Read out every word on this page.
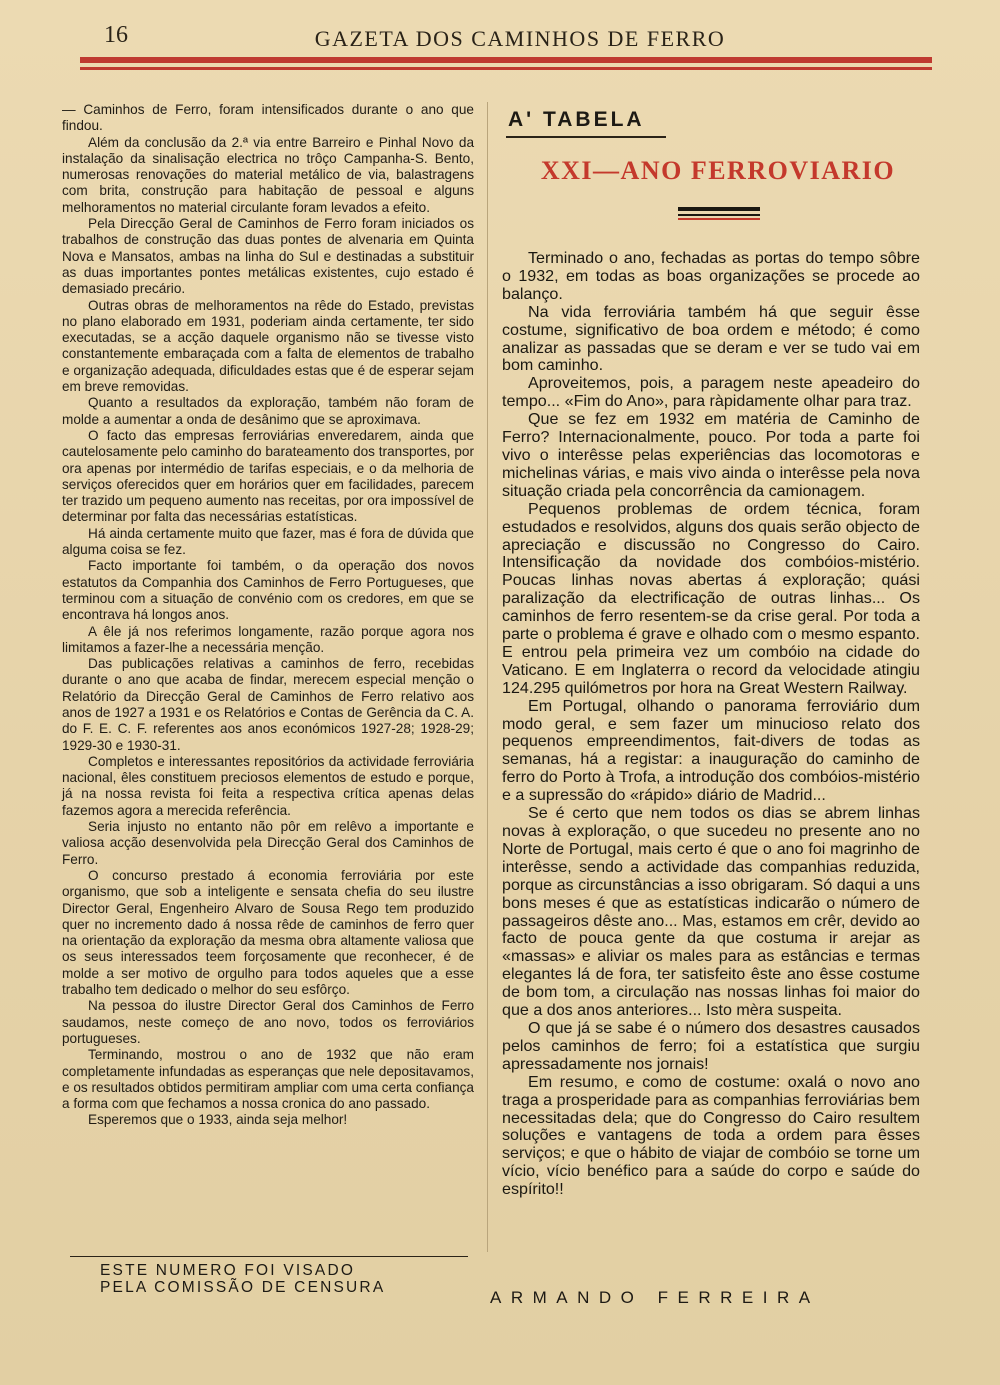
16	GAZETA DOS CAMINHOS DE FERRO

— Caminhos de Ferro, foram intensificados durante o ano que findou.

Além da conclusão da 2.ª via entre Barreiro e Pinhal Novo da instalação da sinalisação electrica no trôço Campanha-S. Bento, numerosas renovações do material metálico de via, balastragens com brita, construção para habitação de pessoal e alguns melhoramentos no material circulante foram levados a efeito.

Pela Direcção Geral de Caminhos de Ferro foram iniciados os trabalhos de construção das duas pontes de alvenaria em Quinta Nova e Mansatos, ambas na linha do Sul e destinadas a substituir as duas importantes pontes metálicas existentes, cujo estado é demasiado precário.

Outras obras de melhoramentos na rêde do Estado, previstas no plano elaborado em 1931, poderiam ainda certamente, ter sido executadas, se a acção daquele organismo não se tivesse visto constantemente embaraçada com a falta de elementos de trabalho e organização adequada, dificuldades estas que é de esperar sejam em breve removidas.

Quanto a resultados da exploração, também não foram de molde a aumentar a onda de desânimo que se aproximava.

O facto das empresas ferroviárias enveredarem, ainda que cautelosamente pelo caminho do barateamento dos transportes, por ora apenas por intermédio de tarifas especiais, e o da melhoria de serviços oferecidos quer em horários quer em facilidades, parecem ter trazido um pequeno aumento nas receitas, por ora impossível de determinar por falta das necessárias estatísticas.

Há ainda certamente muito que fazer, mas é fora de dúvida que alguma coisa se fez.

Facto importante foi também, o da operação dos novos estatutos da Companhia dos Caminhos de Ferro Portugueses, que terminou com a situação de convénio com os credores, em que se encontrava há longos anos.

A êle já nos referimos longamente, razão porque agora nos limitamos a fazer-lhe a necessária menção.

Das publicações relativas a caminhos de ferro, recebidas durante o ano que acaba de findar, merecem especial menção o Relatório da Direcção Geral de Caminhos de Ferro relativo aos anos de 1927 a 1931 e os Relatórios e Contas de Gerência da C. A. do F. E. C. F. referentes aos anos económicos 1927-28; 1928-29; 1929-30 e 1930-31.

Completos e interessantes repositórios da actividade ferroviária nacional, êles constituem preciosos elementos de estudo e porque, já na nossa revista foi feita a respectiva crítica apenas delas fazemos agora a merecida referência.

Seria injusto no entanto não pôr em relêvo a importante e valiosa acção desenvolvida pela Direcção Geral dos Caminhos de Ferro.

O concurso prestado á economia ferroviária por este organismo, que sob a inteligente e sensata chefia do seu ilustre Director Geral, Engenheiro Alvaro de Sousa Rego tem produzido quer no incremento dado á nossa rêde de caminhos de ferro quer na orientação da exploração da mesma obra altamente valiosa que os seus interessados teem forçosamente que reconhecer, é de molde a ser motivo de orgulho para todos aqueles que a esse trabalho tem dedicado o melhor do seu esfôrço.

Na pessoa do ilustre Director Geral dos Caminhos de Ferro saudamos, neste começo de ano novo, todos os ferroviários portugueses.

Terminando, mostrou o ano de 1932 que não eram completamente infundadas as esperanças que nele depositavamos, e os resultados obtidos permitiram ampliar com uma certa confiança a forma com que fechamos a nossa cronica do ano passado.

Esperemos que o 1933, ainda seja melhor!

ESTE NUMERO FOI VISADO
PELA COMISSÃO DE CENSURA
A' TABELA
XXI—ANO FERROVIARIO

Terminado o ano, fechadas as portas do tempo sôbre o 1932, em todas as boas organizações se procede ao balanço.

Na vida ferroviária também há que seguir êsse costume, significativo de boa ordem e método; é como analizar as passadas que se deram e ver se tudo vai em bom caminho.

Aproveitemos, pois, a paragem neste apeadeiro do tempo... «Fim do Ano», para ràpidamente olhar para traz.

Que se fez em 1932 em matéria de Caminho de Ferro? Internacionalmente, pouco. Por toda a parte foi vivo o interêsse pelas experiências das locomotoras e michelinas várias, e mais vivo ainda o interêsse pela nova situação criada pela concorrência da camionagem.

Pequenos problemas de ordem técnica, foram estudados e resolvidos, alguns dos quais serão objecto de apreciação e discussão no Congresso do Cairo. Intensificação da novidade dos combóios-mistério. Poucas linhas novas abertas á exploração; quási paralização da electrificação de outras linhas... Os caminhos de ferro resentem-se da crise geral. Por toda a parte o problema é grave e olhado com o mesmo espanto. E entrou pela primeira vez um combóio na cidade do Vaticano. E em Inglaterra o record da velocidade atingiu 124.295 quilómetros por hora na Great Western Railway.

Em Portugal, olhando o panorama ferroviário dum modo geral, e sem fazer um minucioso relato dos pequenos empreendimentos, fait-divers de todas as semanas, há a registar: a inauguração do caminho de ferro do Porto à Trofa, a introdução dos combóios-mistério e a supressão do «rápido» diário de Madrid...

Se é certo que nem todos os dias se abrem linhas novas à exploração, o que sucedeu no presente ano no Norte de Portugal, mais certo é que o ano foi magrinho de interêsse, sendo a actividade das companhias reduzida, porque as circunstâncias a isso obrigaram. Só daqui a uns bons meses é que as estatísticas indicarão o número de passageiros dêste ano... Mas, estamos em crêr, devido ao facto de pouca gente da que costuma ir arejar as «massas» e aliviar os males para as estâncias e termas elegantes lá de fora, ter satisfeito êste ano êsse costume de bom tom, a circulação nas nossas linhas foi maior do que a dos anos anteriores... Isto mèra suspeita.

O que já se sabe é o número dos desastres causados pelos caminhos de ferro; foi a estatística que surgiu apressadamente nos jornais!

Em resumo, e como de costume: oxalá o novo ano traga a prosperidade para as companhias ferroviárias bem necessitadas dela; que do Congresso do Cairo resultem soluções e vantagens de toda a ordem para êsses serviços; e que o hábito de viajar de combóio se torne um vício, vício benéfico para a saúde do corpo e saúde do espírito!!

ARMANDO FERREIRA
